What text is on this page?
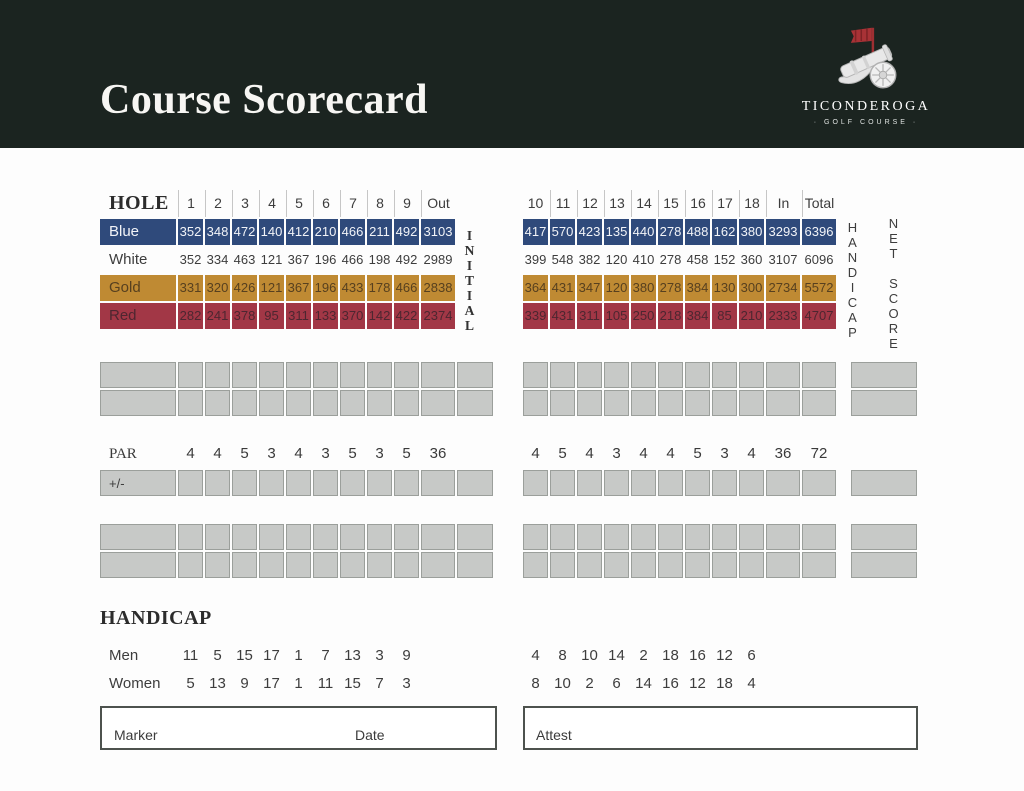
Course Scorecard	TICONDEROGA
· GOLF COURSE ·
HOLE	1	2	3	4	5	6	7	8	9	Out	10 11 12 13 14 15 16 17 18	In	Total
Blue	352 348 472 140 412 210 466 211 492 3103	417 570 423 135 440 278 488 162 380 3293 6396
White	352 334 463 121 367 196 466 198 492 2989	399 548 382 120 410 278 458 152 360 3107 6096
Gold	331 320 426 121 367 196 433 178 466 2838	364 431 347 120 380 278 384 130 300 2734 5572
Red	282 241 378 95 311 133 370 142 422 2374	339 431 311 105 250 218 384 85 210 2333 4707
INITIAL	HANDICAP NET SCORE
PAR	4	4	5	3	4	3	5	3	5	36	4	5	4	3	4	4	5	3	4	36	72
+/-
HANDICAP
Men	11	5 15 17 1	7 13 3	9	4	8 10 14 2 18 16 12 6
Women	5 13 9 17 1	11 15 7	3	8 10 2	6 14 16 12 18 4
Marker	Date	Attest
